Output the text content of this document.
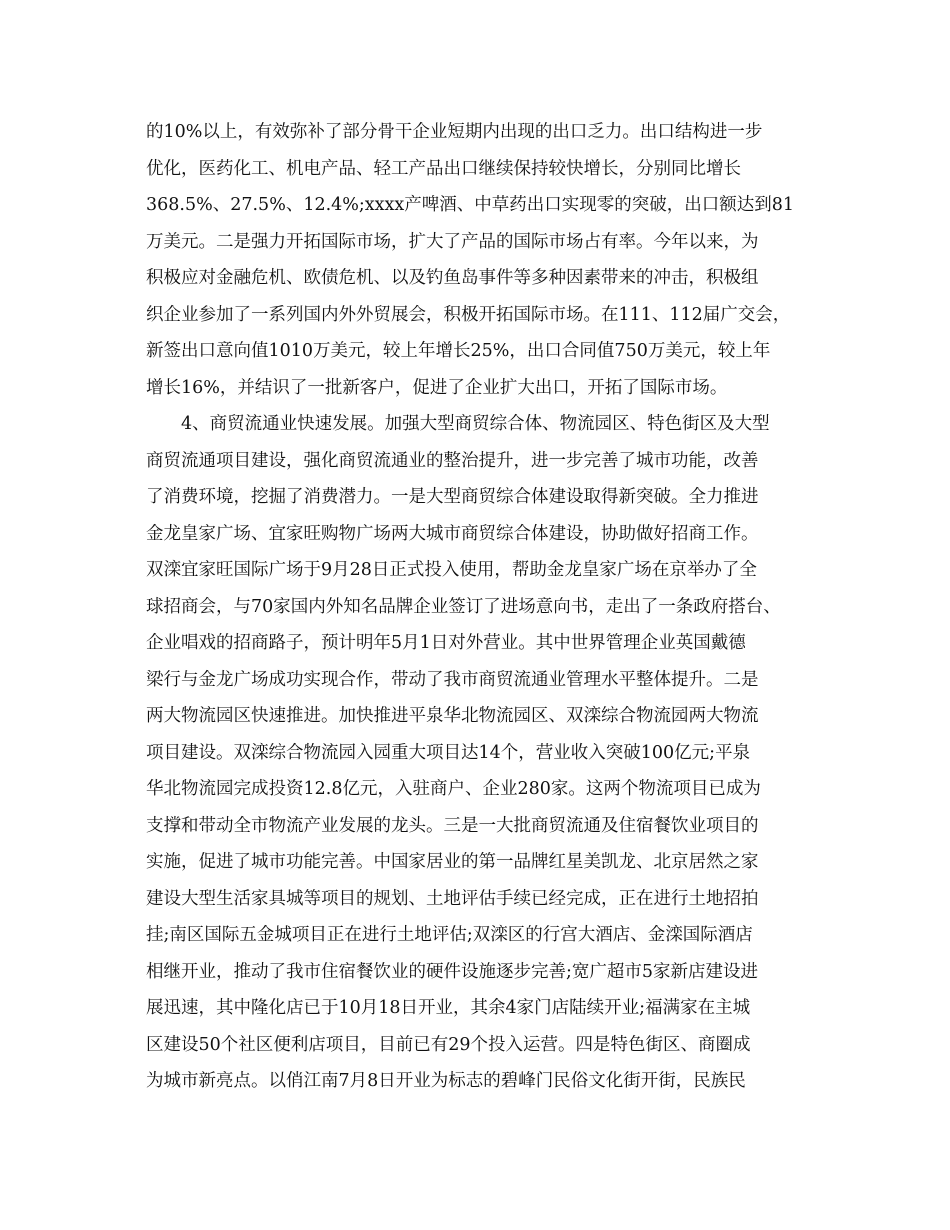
的10%以上，有效弥补了部分骨干企业短期内出现的出口乏力。出口结构进一步
优化，医药化工、机电产品、轻工产品出口继续保持较快增长，分别同比增长
368.5%、27.5%、12.4%;xxxx产啤酒、中草药出口实现零的突破，出口额达到81
万美元。二是强力开拓国际市场，扩大了产品的国际市场占有率。今年以来，为
积极应对金融危机、欧债危机、以及钓鱼岛事件等多种因素带来的冲击，积极组
织企业参加了一系列国内外外贸展会，积极开拓国际市场。在111、112届广交会，
新签出口意向值1010万美元，较上年增长25%，出口合同值750万美元，较上年
增长16%，并结识了一批新客户，促进了企业扩大出口，开拓了国际市场。
　　4、商贸流通业快速发展。加强大型商贸综合体、物流园区、特色街区及大型
商贸流通项目建设，强化商贸流通业的整治提升，进一步完善了城市功能，改善
了消费环境，挖掘了消费潜力。一是大型商贸综合体建设取得新突破。全力推进
金龙皇家广场、宜家旺购物广场两大城市商贸综合体建设，协助做好招商工作。
双滦宜家旺国际广场于9月28日正式投入使用，帮助金龙皇家广场在京举办了全
球招商会，与70家国内外知名品牌企业签订了进场意向书，走出了一条政府搭台、
企业唱戏的招商路子，预计明年5月1日对外营业。其中世界管理企业英国戴德
梁行与金龙广场成功实现合作，带动了我市商贸流通业管理水平整体提升。二是
两大物流园区快速推进。加快推进平泉华北物流园区、双滦综合物流园两大物流
项目建设。双滦综合物流园入园重大项目达14个，营业收入突破100亿元;平泉
华北物流园完成投资12.8亿元，入驻商户、企业280家。这两个物流项目已成为
支撑和带动全市物流产业发展的龙头。三是一大批商贸流通及住宿餐饮业项目的
实施，促进了城市功能完善。中国家居业的第一品牌红星美凯龙、北京居然之家
建设大型生活家具城等项目的规划、土地评估手续已经完成，正在进行土地招拍
挂;南区国际五金城项目正在进行土地评估;双滦区的行宫大酒店、金滦国际酒店
相继开业，推动了我市住宿餐饮业的硬件设施逐步完善;宽广超市5家新店建设进
展迅速，其中隆化店已于10月18日开业，其余4家门店陆续开业;福满家在主城
区建设50个社区便利店项目，目前已有29个投入运营。四是特色街区、商圈成
为城市新亮点。以俏江南7月8日开业为标志的碧峰门民俗文化街开街，民族民
